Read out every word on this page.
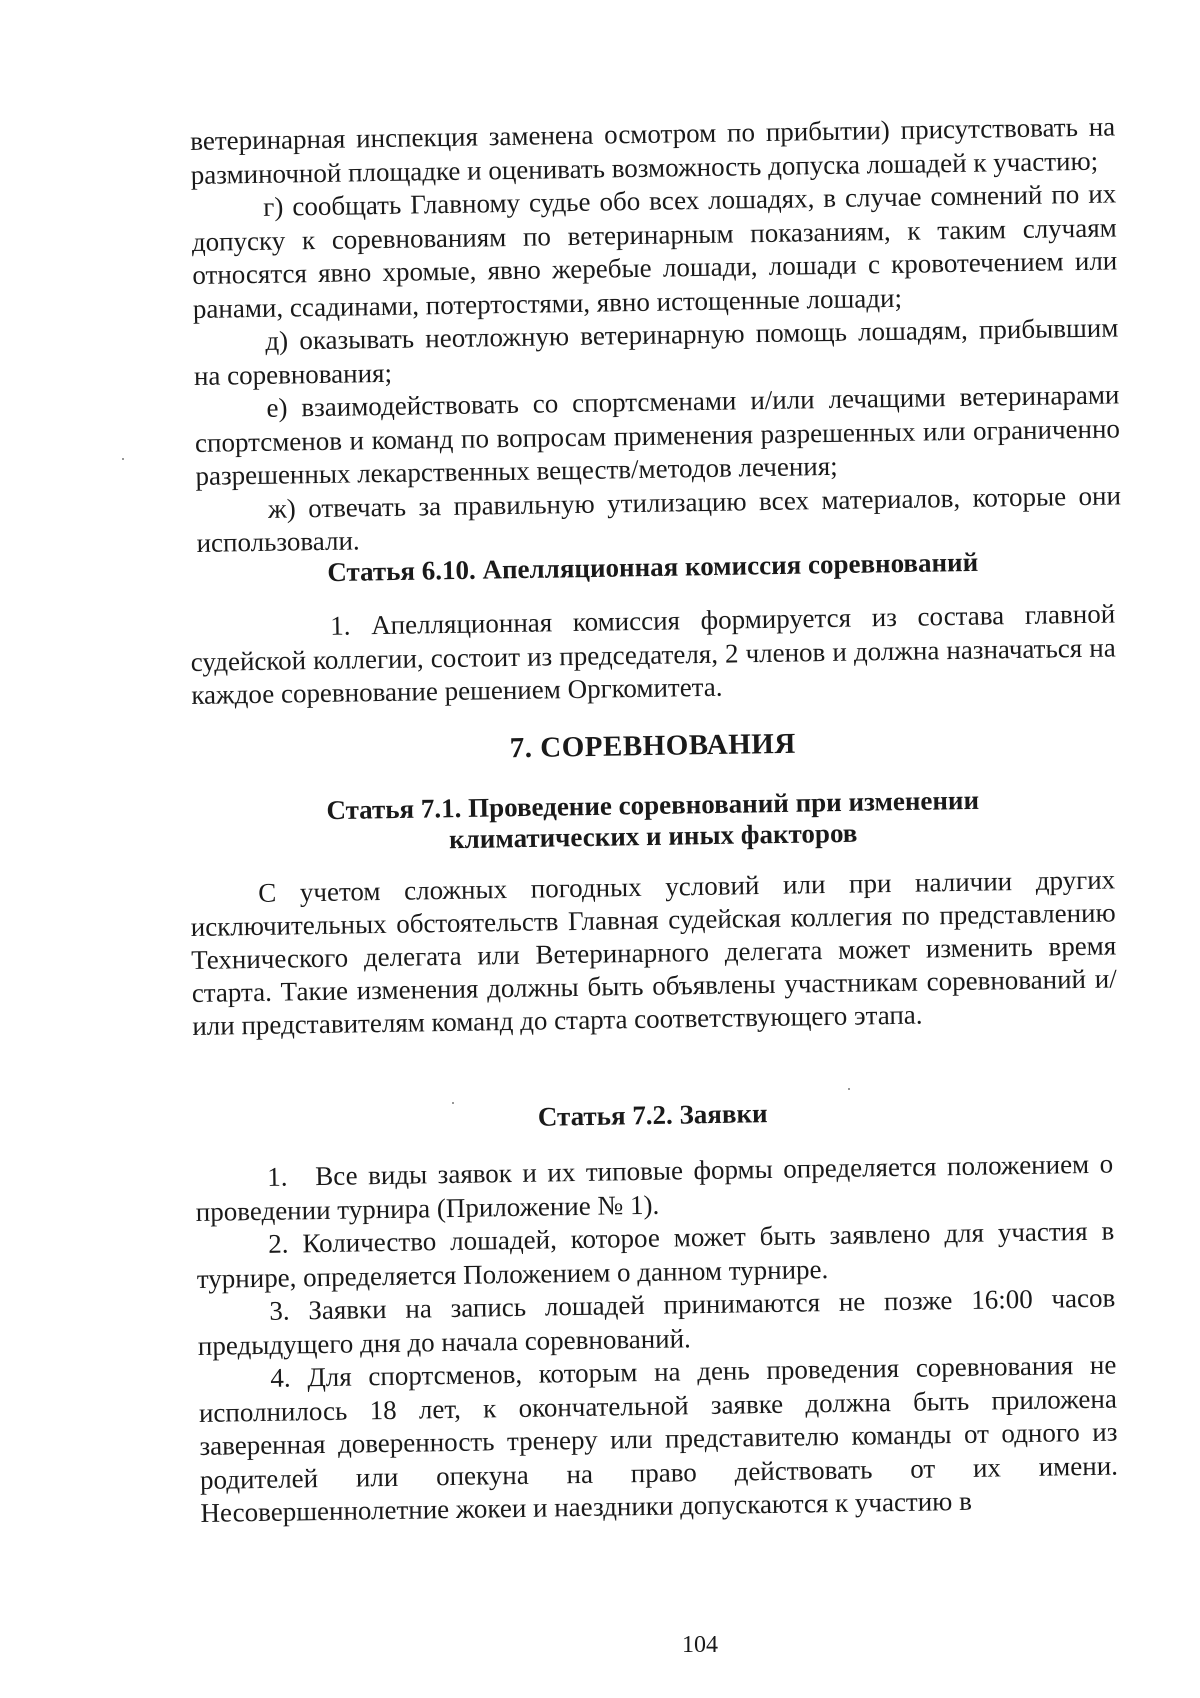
ветеринарная инспекция заменена осмотром по прибытии) присутствовать на разминочной площадке и оценивать возможность допуска лошадей к участию;

г) сообщать Главному судье обо всех лошадях, в случае сомнений по их допуску к соревнованиям по ветеринарным показаниям, к таким случаям относятся явно хромые, явно жеребые лошади, лошади с кровотечением или ранами, ссадинами, потертостями, явно истощенные лошади;

д) оказывать неотложную ветеринарную помощь лошадям, прибывшим на соревнования;

е) взаимодействовать со спортсменами и/или лечащими ветеринарами спортсменов и команд по вопросам применения разрешенных или ограниченно разрешенных лекарственных веществ/методов лечения;

ж) отвечать за правильную утилизацию всех материалов, которые они использовали.

Статья 6.10. Апелляционная комиссия соревнований

1. Апелляционная комиссия формируется из состава главной судейской коллегии, состоит из председателя, 2 членов и должна назначаться на каждое соревнование решением Оргкомитета.

7. СОРЕВНОВАНИЯ
Статья 7.1. Проведение соревнований при изменении
климатических и иных факторов

С учетом сложных погодных условий или при наличии других исключительных обстоятельств Главная судейская коллегия по представлению Технического делегата или Ветеринарного делегата может изменить время старта. Такие изменения должны быть объявлены участникам соревнований и/или представителям команд до старта соответствующего этапа.

Статья 7.2. Заявки

1. Все виды заявок и их типовые формы определяется положением о проведении турнира (Приложение № 1).

2. Количество лошадей, которое может быть заявлено для участия в турнире, определяется Положением о данном турнире.

3. Заявки на запись лошадей принимаются не позже 16:00 часов предыдущего дня до начала соревнований.

4. Для спортсменов, которым на день проведения соревнования не исполнилось 18 лет, к окончательной заявке должна быть приложена заверенная доверенность тренеру или представителю команды от одного из родителей или опекуна на право действовать от их имени. Несовершеннолетние жокеи и наездники допускаются к участию в

104
